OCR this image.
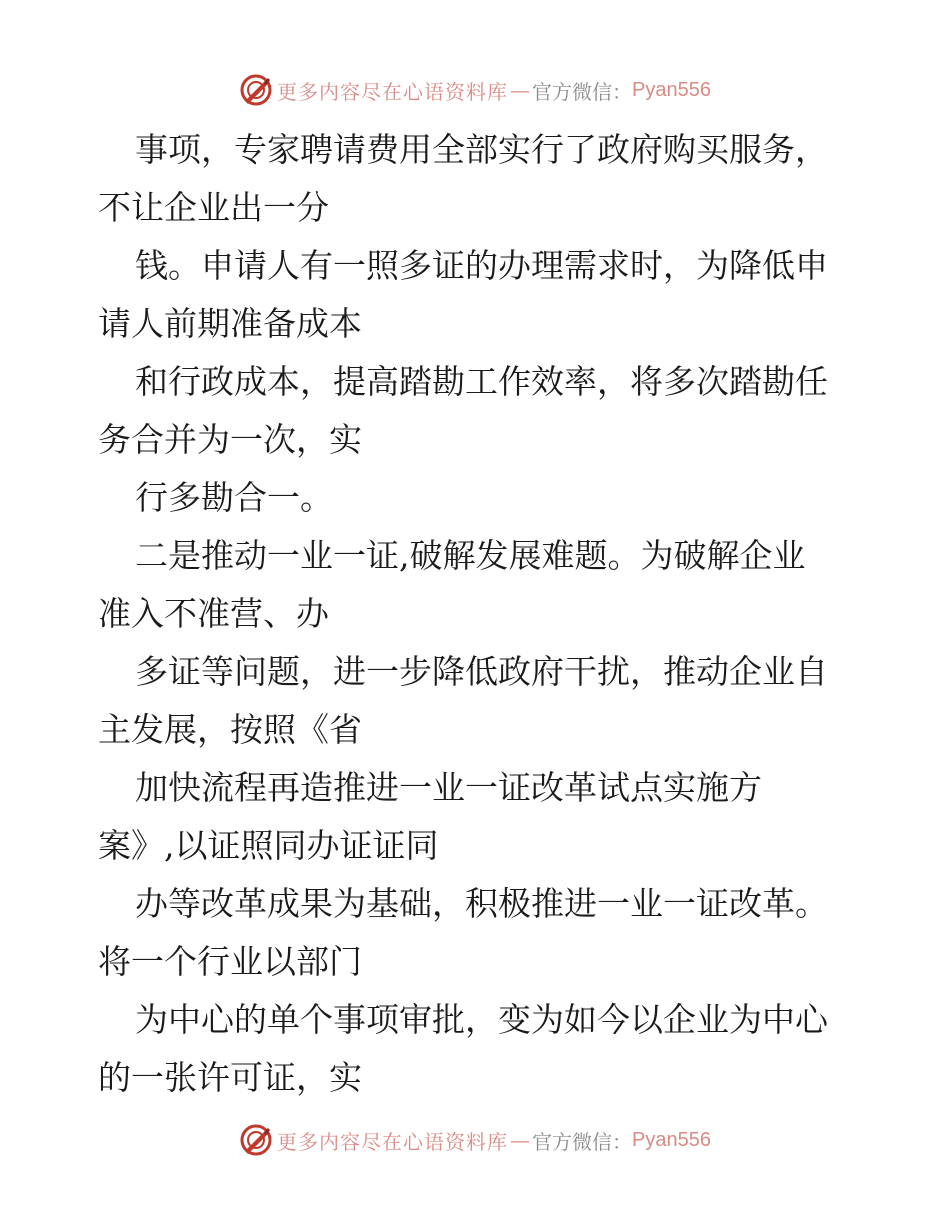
更多内容尽在心语资料库 — 官方微信： Pyan556
事项，专家聘请费用全部实行了政府购买服务，
不让企业出一分
钱。申请人有一照多证的办理需求时，为降低申
请人前期准备成本
和行政成本，提高踏勘工作效率，将多次踏勘任
务合并为一次，实
行多勘合一。
二是推动一业一证,破解发展难题。为破解企业
准入不准营、办
多证等问题，进一步降低政府干扰，推动企业自
主发展，按照《省
加快流程再造推进一业一证改革试点实施方
案》,以证照同办证证同
办等改革成果为基础，积极推进一业一证改革。
将一个行业以部门
为中心的单个事项审批，变为如今以企业为中心
的一张许可证，实
更多内容尽在心语资料库 — 官方微信： Pyan556
